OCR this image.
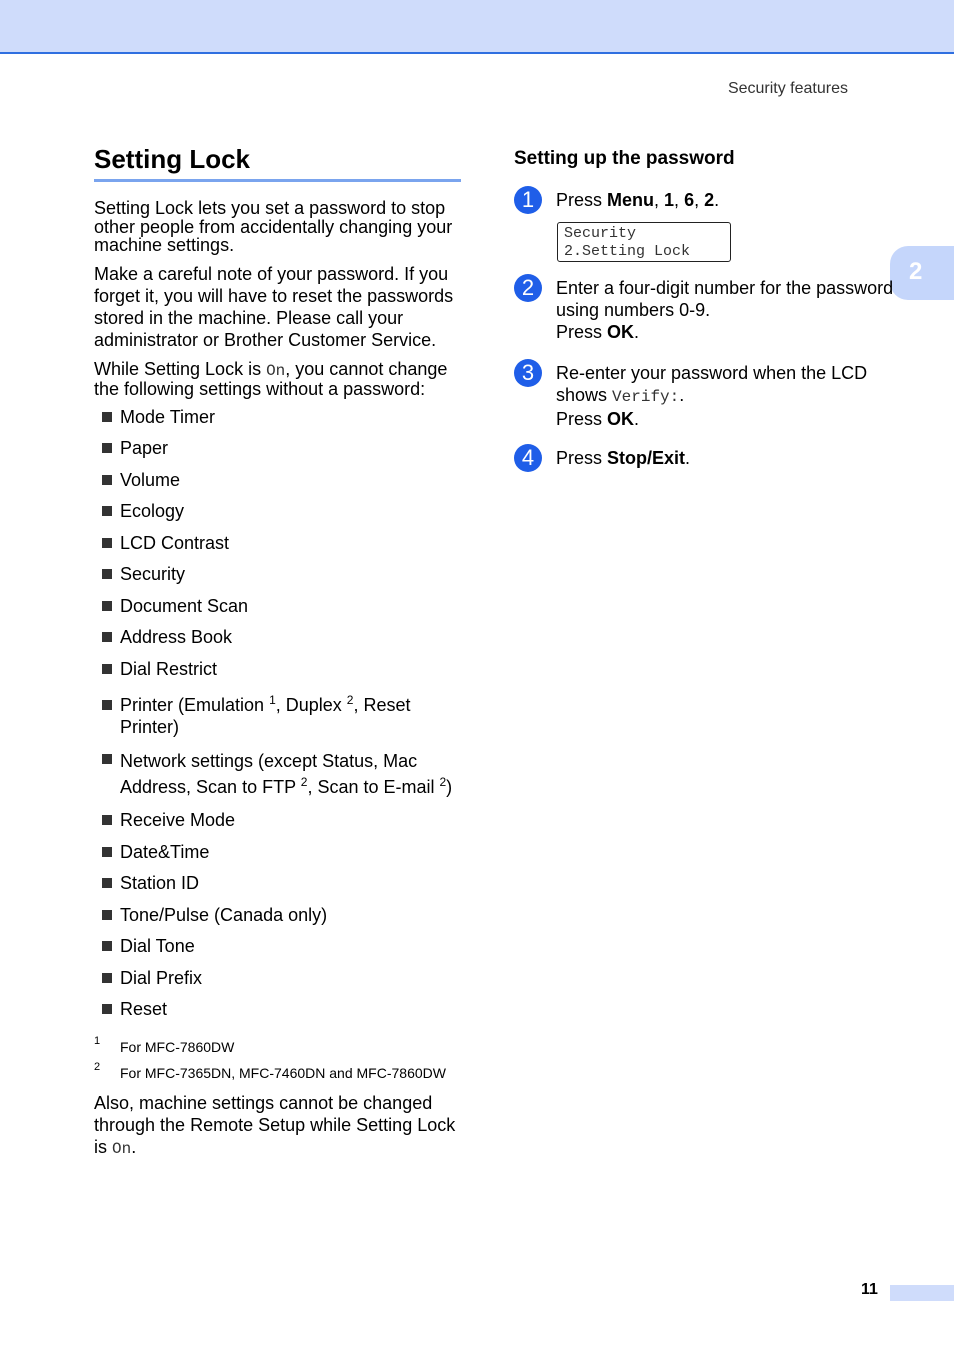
Security features
2
Setting Lock

Setting Lock lets you set a password to stop other people from accidentally changing your machine settings.

Make a careful note of your password. If you forget it, you will have to reset the passwords stored in the machine. Please call your administrator or Brother Customer Service.

While Setting Lock is On, you cannot change the following settings without a password:

Mode Timer
Paper
Volume
Ecology
LCD Contrast
Security
Document Scan
Address Book
Dial Restrict
Printer (Emulation $^1$, Duplex $^2$, Reset Printer)
Network settings (except Status, Mac Address, Scan to FTP $^2$, Scan to E-mail $^2$)
Receive Mode
Date&Time
Station ID
Tone/Pulse (Canada only)
Dial Tone
Dial Prefix
Reset
1 For MFC-7860DW
2 For MFC-7365DN, MFC-7460DN and MFC-7860DW

Also, machine settings cannot be changed through the Remote Setup while Setting Lock is On.

Setting up the password
1	Press Menu, 1, 6, 2.
Security
2.Setting Lock
2	Enter a four-digit number for the password using numbers 0-9.
Press OK.
3	Re-enter your password when the LCD shows Verify:.
Press OK.
4	Press Stop/Exit.
11
